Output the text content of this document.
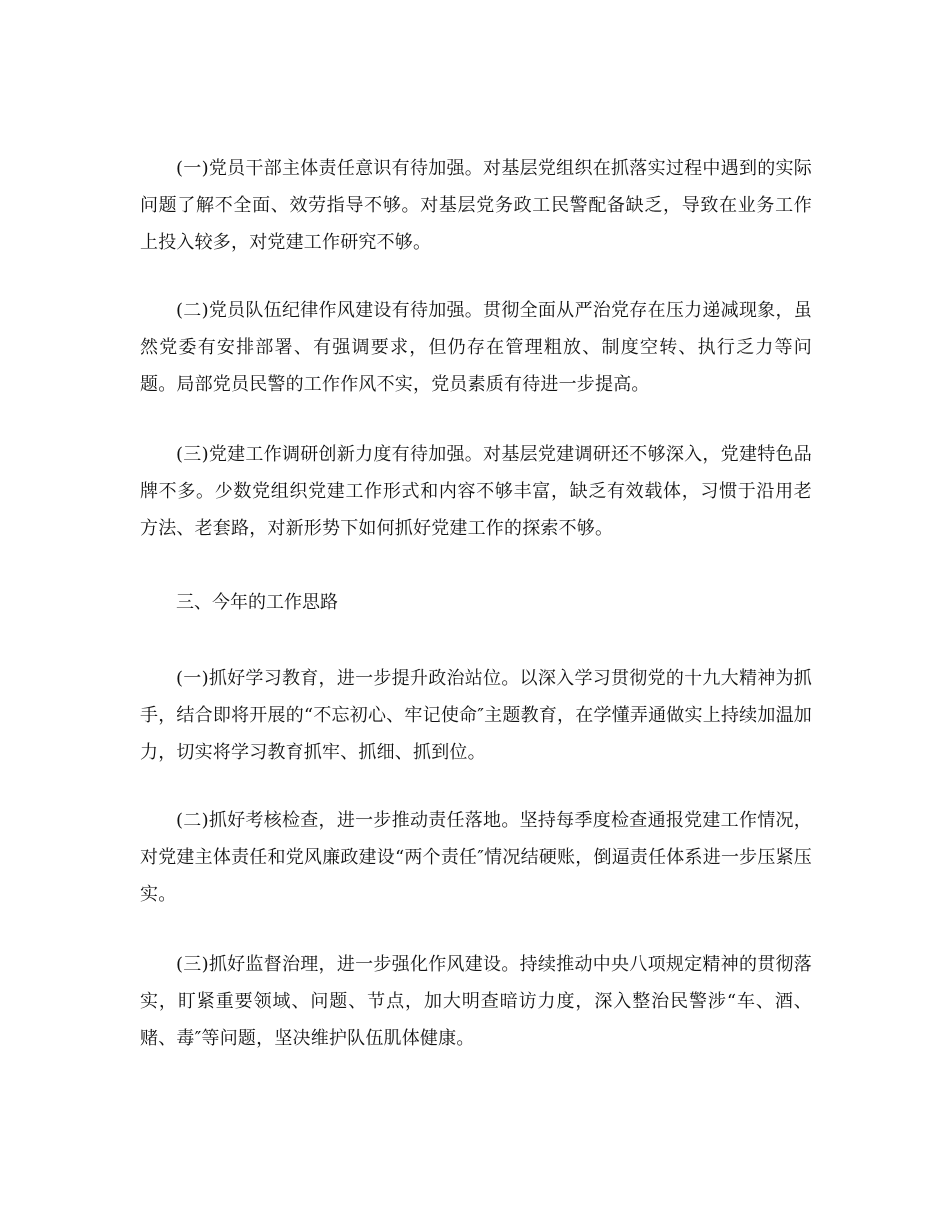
(一)党员干部主体责任意识有待加强。对基层党组织在抓落实过程中遇到的实际问题了解不全面、效劳指导不够。对基层党务政工民警配备缺乏，导致在业务工作上投入较多，对党建工作研究不够。

(二)党员队伍纪律作风建设有待加强。贯彻全面从严治党存在压力递减现象，虽然党委有安排部署、有强调要求，但仍存在管理粗放、制度空转、执行乏力等问题。局部党员民警的工作作风不实，党员素质有待进一步提高。

(三)党建工作调研创新力度有待加强。对基层党建调研还不够深入，党建特色品牌不多。少数党组织党建工作形式和内容不够丰富，缺乏有效载体，习惯于沿用老方法、老套路，对新形势下如何抓好党建工作的探索不够。

三、今年的工作思路

(一)抓好学习教育，进一步提升政治站位。以深入学习贯彻党的十九大精神为抓手，结合即将开展的“不忘初心、牢记使命″主题教育，在学懂弄通做实上持续加温加力，切实将学习教育抓牢、抓细、抓到位。

(二)抓好考核检查，进一步推动责任落地。坚持每季度检查通报党建工作情况，对党建主体责任和党风廉政建设“两个责任″情况结硬账，倒逼责任体系进一步压紧压实。

(三)抓好监督治理，进一步强化作风建设。持续推动中央八项规定精神的贯彻落实，盯紧重要领域、问题、节点，加大明查暗访力度，深入整治民警涉“车、酒、赌、毒″等问题，坚决维护队伍肌体健康。
